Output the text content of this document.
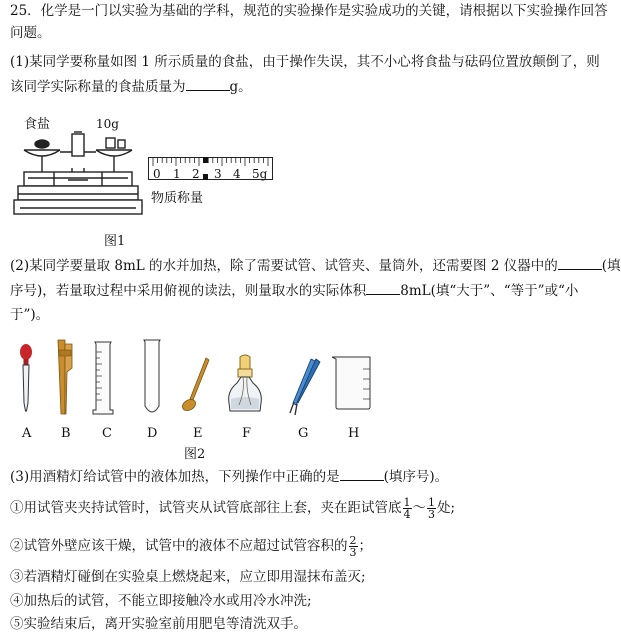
25．化学是一门以实验为基础的学科，规范的实验操作是实验成功的关键，请根据以下实验操作回答
问题。
(1)某同学要称量如图 1 所示质量的食盐，由于操作失误，其不小心将食盐与砝码位置放颠倒了，则
该同学实际称量的食盐质量为	g。
食盐	10g
图1
0 1 2 3 4 5g
物质称量
(2)某同学要量取 8mL 的水并加热，除了需要试管、试管夹、量筒外，还需要图 2 仪器中的	(填
序号)，若量取过程中采用俯视的读法，则量取水的实际体积	8mL(填“大于”、“等于”或“小
于”)。
A B C	D	E	F	G	H
图2
(3)用酒精灯给试管中的液体加热，下列操作中正确的是	(填序号)。
①用试管夹夹持试管时，试管夹从试管底部往上套，夹在距试管底 $\frac{1}{4}$ ～ $\frac{1}{3}$ 处;
②试管外壁应该干燥，试管中的液体不应超过试管容积的 $\frac{2}{3}$ ；
③若酒精灯碰倒在实验桌上燃烧起来，应立即用湿抹布盖灭;
④加热后的试管，不能立即接触冷水或用冷水冲洗;
⑤实验结束后，离开实验室前用肥皂等清洗双手。
